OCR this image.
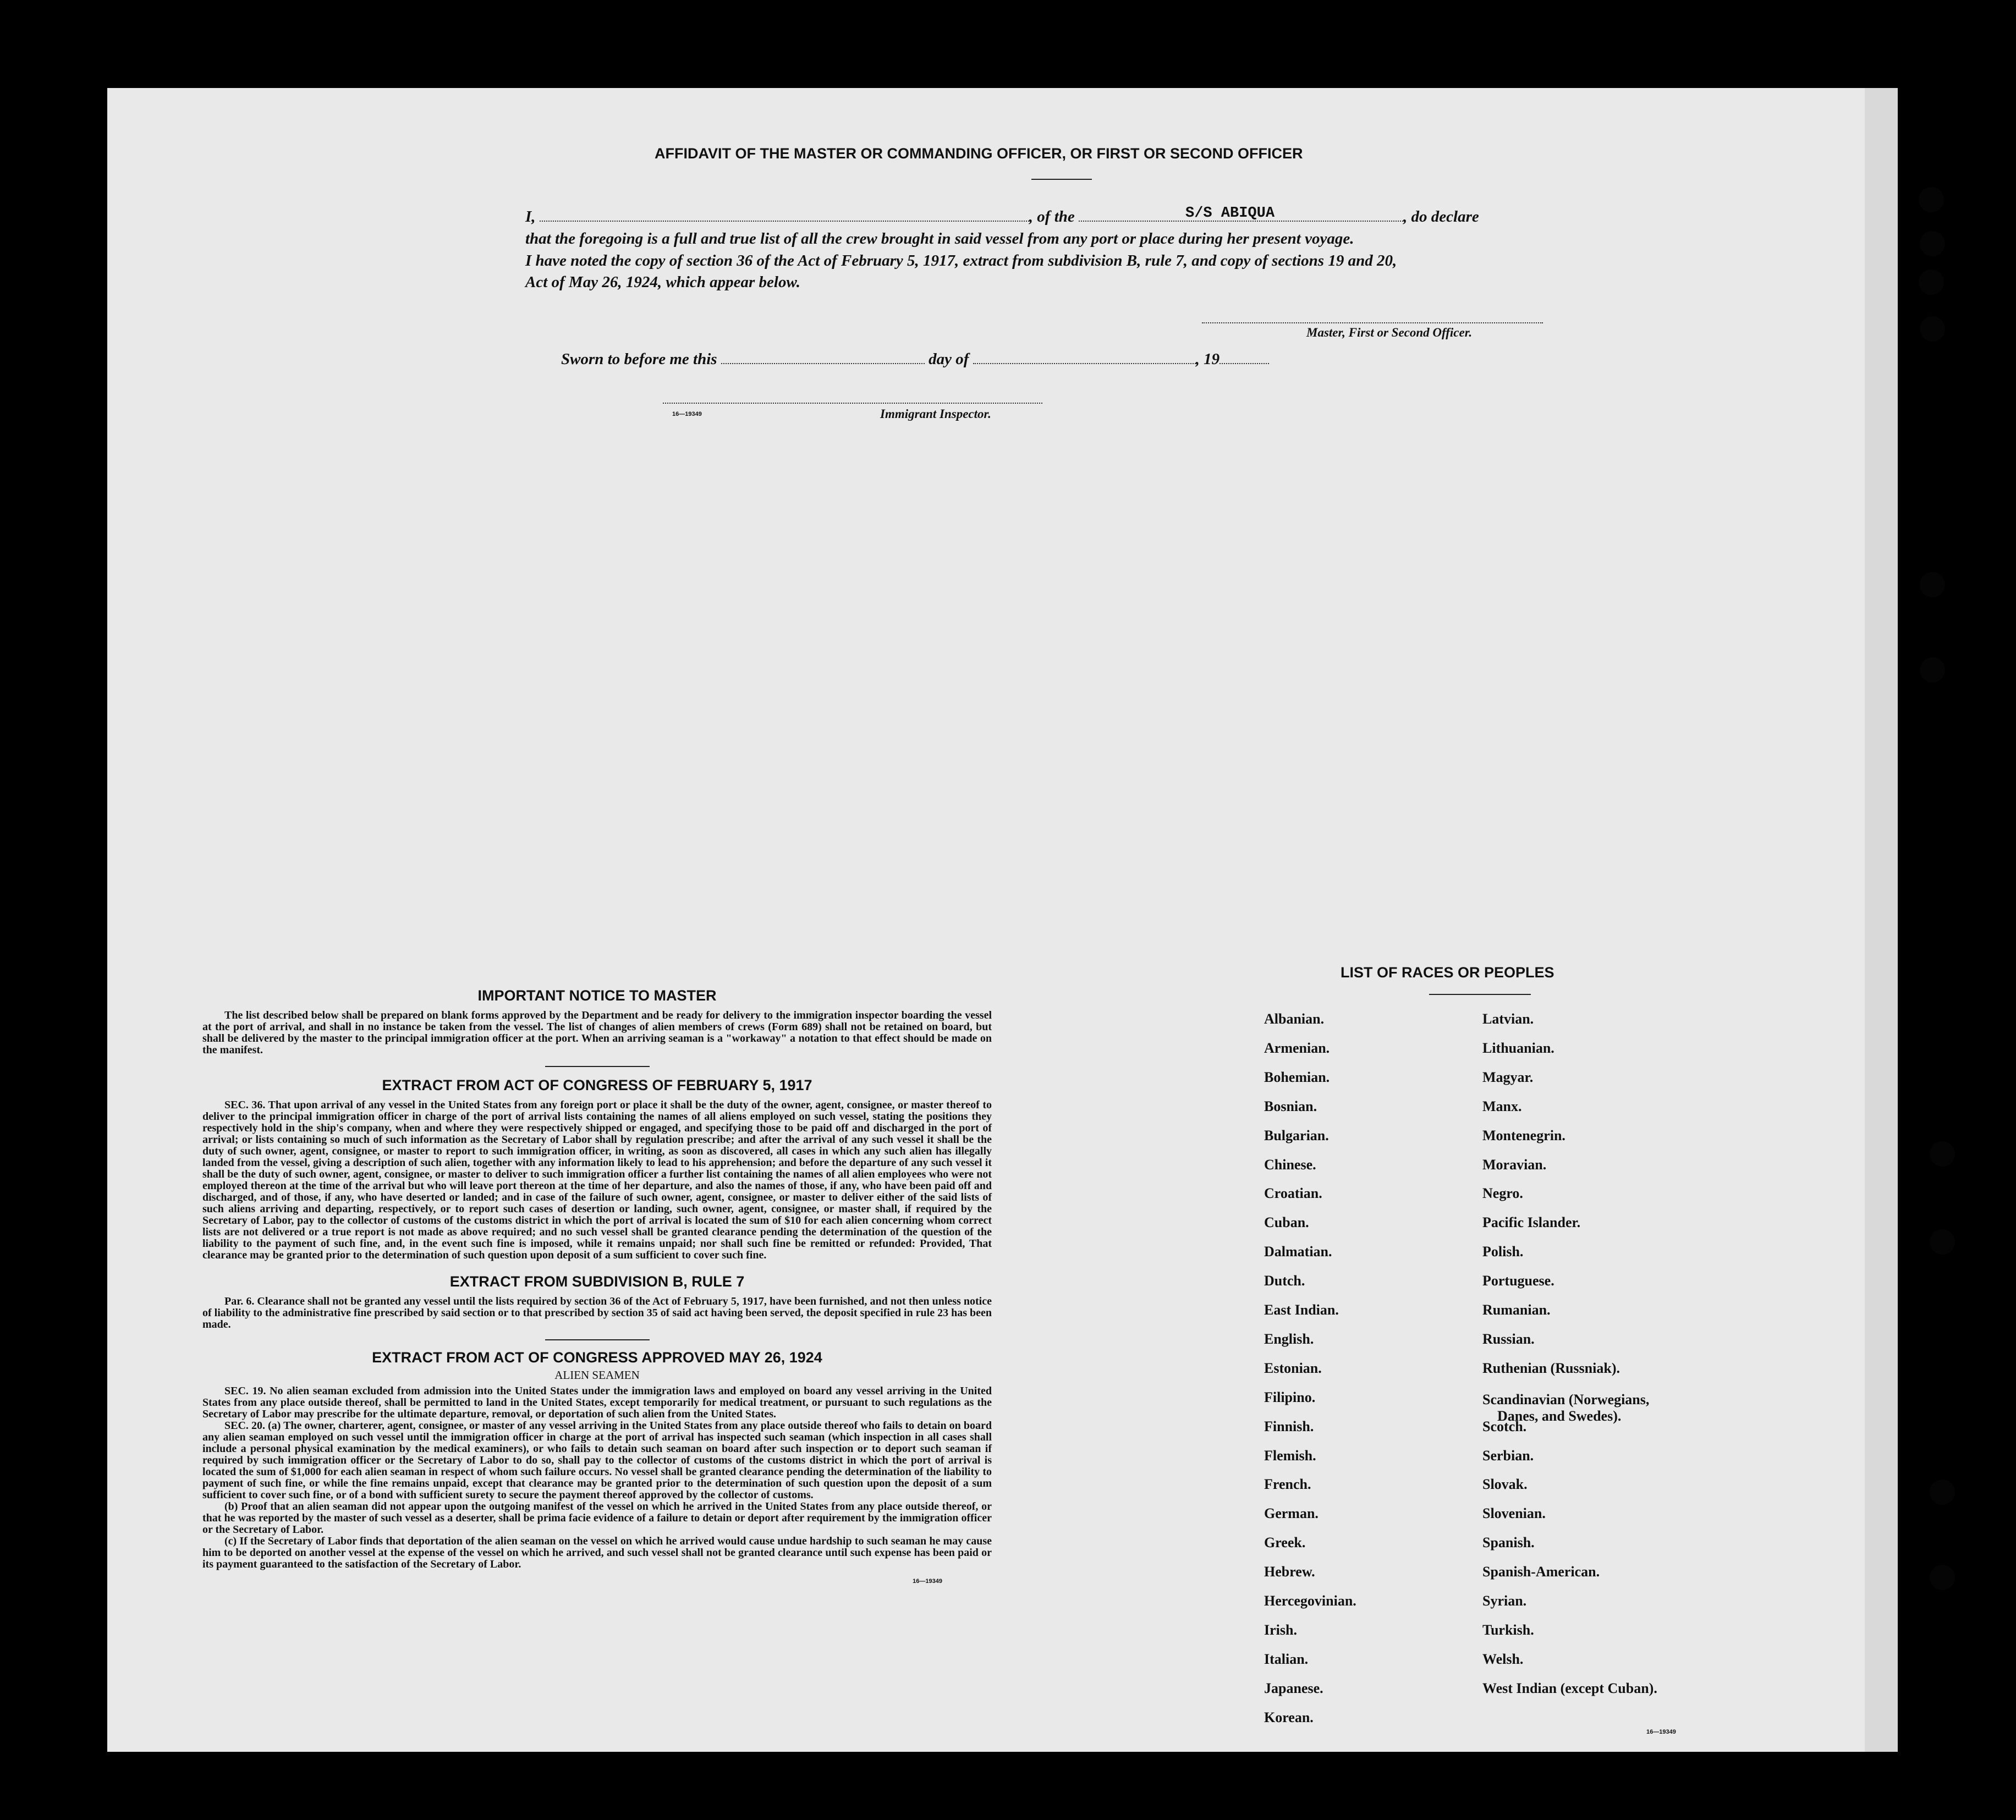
AFFIDAVIT OF THE MASTER OR COMMANDING OFFICER, OR FIRST OR SECOND OFFICER
I,	, of the	, do declare
S/S ABIQUA
that the foregoing is a full and true list of all the crew brought in said vessel from any port or place during her present voyage.
I have noted the copy of section 36 of the Act of February 5, 1917, extract from subdivision B, rule 7, and copy of sections 19 and 20,
Act of May 26, 1924, which appear below.
Master, First or Second Officer.
Sworn to before me this	day of	, 19
16—19349	Immigrant Inspector.
IMPORTANT NOTICE TO MASTER
The list described below shall be prepared on blank forms approved by the Department and be ready for delivery to the immigration inspector boarding the vessel at the port of arrival, and shall in no instance be taken from the vessel. The list of changes of alien members of crews (Form 689) shall not be retained on board, but shall be delivered by the master to the principal immigration officer at the port. When an arriving seaman is a "workaway" a notation to that effect should be made on the manifest.
EXTRACT FROM ACT OF CONGRESS OF FEBRUARY 5, 1917
SEC. 36. That upon arrival of any vessel in the United States from any foreign port or place it shall be the duty of the owner, agent, consignee, or master thereof to deliver to the principal immigration officer in charge of the port of arrival lists containing the names of all aliens employed on such vessel, stating the positions they respectively hold in the ship's company, when and where they were respectively shipped or engaged, and specifying those to be paid off and discharged in the port of arrival; or lists containing so much of such information as the Secretary of Labor shall by regulation prescribe; and after the arrival of any such vessel it shall be the duty of such owner, agent, consignee, or master to report to such immigration officer, in writing, as soon as discovered, all cases in which any such alien has illegally landed from the vessel, giving a description of such alien, together with any information likely to lead to his apprehension; and before the departure of any such vessel it shall be the duty of such owner, agent, consignee, or master to deliver to such immigration officer a further list containing the names of all alien employees who were not employed thereon at the time of the arrival but who will leave port thereon at the time of her departure, and also the names of those, if any, who have been paid off and discharged, and of those, if any, who have deserted or landed; and in case of the failure of such owner, agent, consignee, or master to deliver either of the said lists of such aliens arriving and departing, respectively, or to report such cases of desertion or landing, such owner, agent, consignee, or master shall, if required by the Secretary of Labor, pay to the collector of customs of the customs district in which the port of arrival is located the sum of $10 for each alien concerning whom correct lists are not delivered or a true report is not made as above required; and no such vessel shall be granted clearance pending the determination of the question of the liability to the payment of such fine, and, in the event such fine is imposed, while it remains unpaid; nor shall such fine be remitted or refunded: Provided, That clearance may be granted prior to the determination of such question upon deposit of a sum sufficient to cover such fine.
EXTRACT FROM SUBDIVISION B, RULE 7
Par. 6. Clearance shall not be granted any vessel until the lists required by section 36 of the Act of February 5, 1917, have been furnished, and not then unless notice of liability to the administrative fine prescribed by said section or to that prescribed by section 35 of said act having been served, the deposit specified in rule 23 has been made.
EXTRACT FROM ACT OF CONGRESS APPROVED MAY 26, 1924
ALIEN SEAMEN
SEC. 19. No alien seaman excluded from admission into the United States under the immigration laws and employed on board any vessel arriving in the United States from any place outside thereof, shall be permitted to land in the United States, except temporarily for medical treatment, or pursuant to such regulations as the Secretary of Labor may prescribe for the ultimate departure, removal, or deportation of such alien from the United States.
SEC. 20. (a) The owner, charterer, agent, consignee, or master of any vessel arriving in the United States from any place outside thereof who fails to detain on board any alien seaman employed on such vessel until the immigration officer in charge at the port of arrival has inspected such seaman (which inspection in all cases shall include a personal physical examination by the medical examiners), or who fails to detain such seaman on board after such inspection or to deport such seaman if required by such immigration officer or the Secretary of Labor to do so, shall pay to the collector of customs of the customs district in which the port of arrival is located the sum of $1,000 for each alien seaman in respect of whom such failure occurs. No vessel shall be granted clearance pending the determination of the liability to payment of such fine, or while the fine remains unpaid, except that clearance may be granted prior to the determination of such question upon the deposit of a sum sufficient to cover such fine, or of a bond with sufficient surety to secure the payment thereof approved by the collector of customs.
(b) Proof that an alien seaman did not appear upon the outgoing manifest of the vessel on which he arrived in the United States from any place outside thereof, or that he was reported by the master of such vessel as a deserter, shall be prima facie evidence of a failure to detain or deport after requirement by the immigration officer or the Secretary of Labor.
(c) If the Secretary of Labor finds that deportation of the alien seaman on the vessel on which he arrived would cause undue hardship to such seaman he may cause him to be deported on another vessel at the expense of the vessel on which he arrived, and such vessel shall not be granted clearance until such expense has been paid or its payment guaranteed to the satisfaction of the Secretary of Labor.
16—19349
LIST OF RACES OR PEOPLES
Albanian.
Armenian.
Bohemian.
Bosnian.
Bulgarian.
Chinese.
Croatian.
Cuban.
Dalmatian.
Dutch.
East Indian.
English.
Estonian.
Filipino.
Finnish.
Flemish.
French.
German.
Greek.
Hebrew.
Hercegovinian.
Irish.
Italian.
Japanese.
Korean.
Latvian.
Lithuanian.
Magyar.
Manx.
Montenegrin.
Moravian.
Negro.
Pacific Islander.
Polish.
Portuguese.
Rumanian.
Russian.
Ruthenian (Russniak).
Scandinavian (Norwegians,
Danes, and Swedes).
Scotch.
Serbian.
Slovak.
Slovenian.
Spanish.
Spanish-American.
Syrian.
Turkish.
Welsh.
West Indian (except Cuban).
16—19349
